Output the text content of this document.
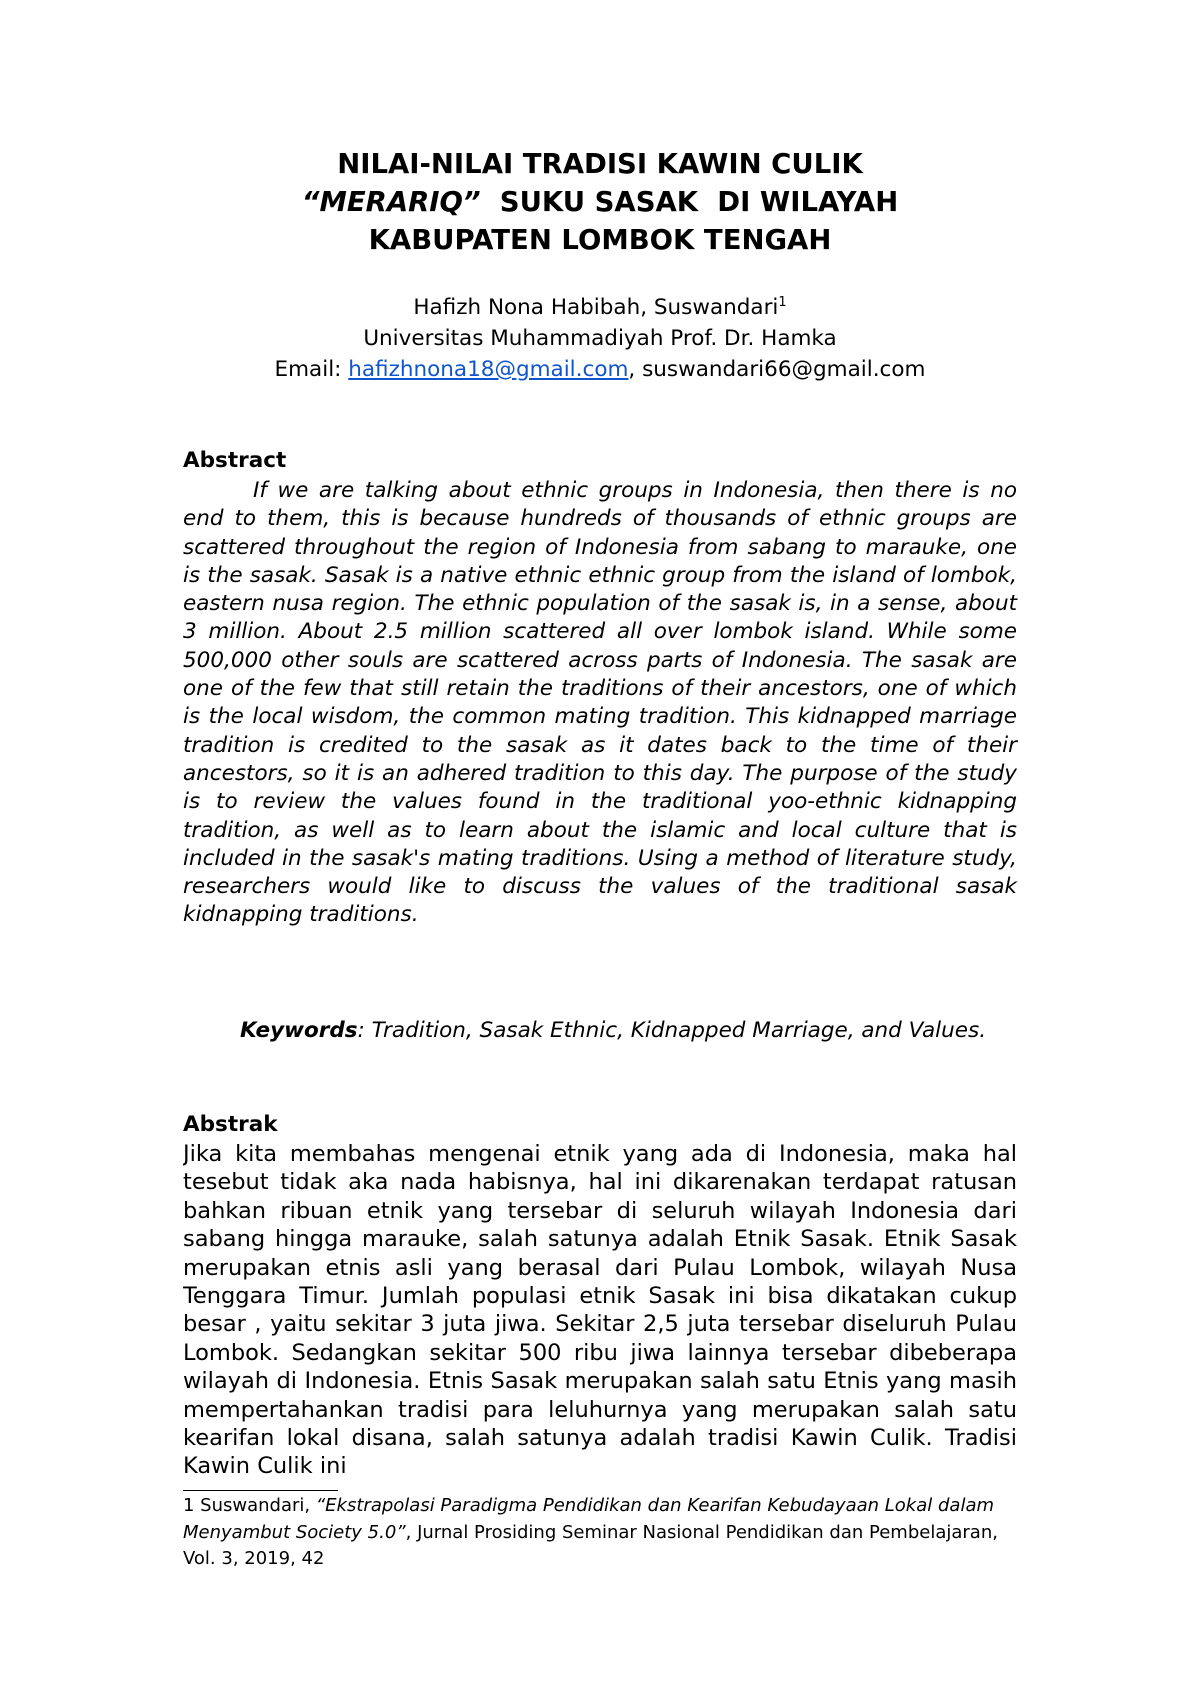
NILAI-NILAI TRADISI KAWIN CULIK
“MERARIQ”  SUKU SASAK  DI WILAYAH
KABUPATEN LOMBOK TENGAH
Hafizh Nona Habibah, Suswandari$^1$
Universitas Muhammadiyah Prof. Dr. Hamka
Email: hafizhnona18@gmail.com, suswandari66@gmail.com
Abstract

If we are talking about ethnic groups in Indonesia, then there is no end to them, this is because hundreds of thousands of ethnic groups are scattered throughout the region of Indonesia from sabang to marauke, one is the sasak. Sasak is a native ethnic ethnic group from the island of lombok, eastern nusa region. The ethnic population of the sasak is, in a sense, about 3 million. About 2.5 million scattered all over lombok island. While some 500,000 other souls are scattered across parts of Indonesia. The sasak are one of the few that still retain the traditions of their ancestors, one of which is the local wisdom, the common mating tradition. This kidnapped marriage tradition is credited to the sasak as it dates back to the time of their ancestors, so it is an adhered tradition to this day. The purpose of the study is to review the values found in the traditional yoo-ethnic kidnapping tradition, as well as to learn about the islamic and local culture that is included in the sasak's mating traditions. Using a method of literature study, researchers would like to discuss the values of the traditional sasak kidnapping traditions.

Keywords: Tradition, Sasak Ethnic, Kidnapped Marriage, and Values.

Abstrak

Jika kita membahas mengenai etnik yang ada di Indonesia, maka hal tesebut tidak aka nada habisnya, hal ini dikarenakan terdapat ratusan bahkan ribuan etnik yang tersebar di seluruh wilayah Indonesia dari sabang hingga marauke, salah satunya adalah Etnik Sasak. Etnik Sasak merupakan etnis asli yang berasal dari Pulau Lombok, wilayah Nusa Tenggara Timur. Jumlah populasi etnik Sasak ini bisa dikatakan cukup besar , yaitu sekitar 3 juta jiwa. Sekitar 2,5 juta tersebar diseluruh Pulau Lombok. Sedangkan sekitar 500 ribu jiwa lainnya tersebar dibeberapa wilayah di Indonesia. Etnis Sasak merupakan salah satu Etnis yang masih mempertahankan tradisi para leluhurnya yang merupakan salah satu kearifan lokal disana, salah satunya adalah tradisi Kawin Culik. Tradisi Kawin Culik ini

1 Suswandari, “Ekstrapolasi Paradigma Pendidikan dan Kearifan Kebudayaan Lokal dalam Menyambut Society 5.0”, Jurnal Prosiding Seminar Nasional Pendidikan dan Pembelajaran, Vol. 3, 2019, 42
